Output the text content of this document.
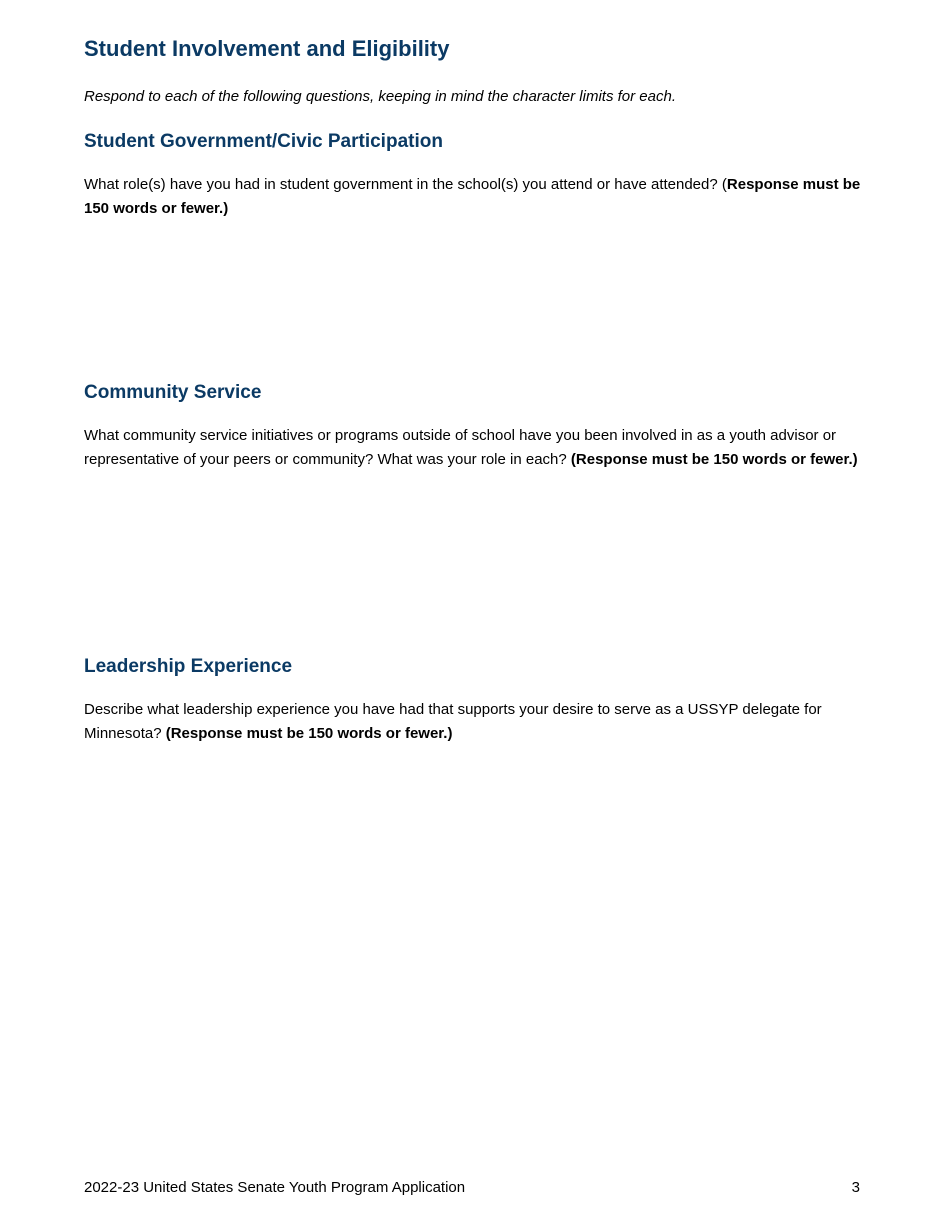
Student Involvement and Eligibility

Respond to each of the following questions, keeping in mind the character limits for each.

Student Government/Civic Participation

What role(s) have you had in student government in the school(s) you attend or have attended? (Response must be 150 words or fewer.)

Community Service

What community service initiatives or programs outside of school have you been involved in as a youth advisor or representative of your peers or community? What was your role in each? (Response must be 150 words or fewer.)

Leadership Experience

Describe what leadership experience you have had that supports your desire to serve as a USSYP delegate for Minnesota? (Response must be 150 words or fewer.)

2022-23 United States Senate Youth Program Application	3
